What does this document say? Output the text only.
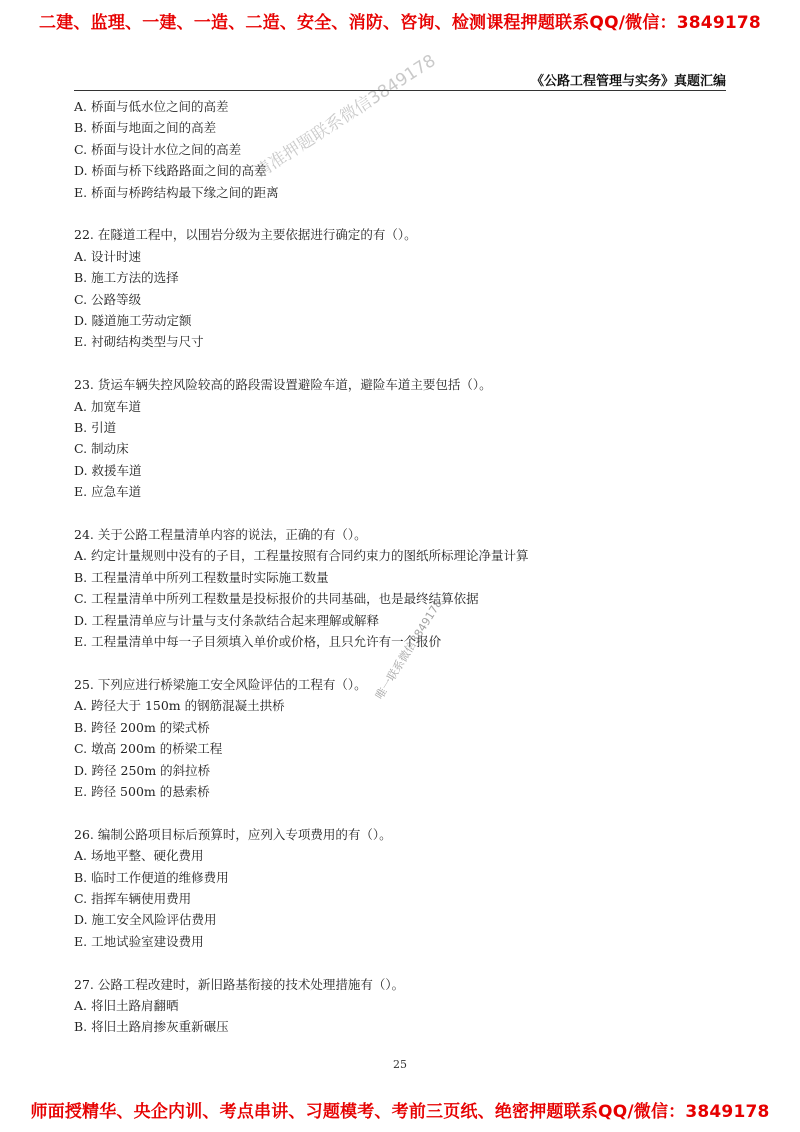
二建、监理、一建、一造、二造、安全、消防、咨询、检测课程押题联系QQ/微信：3849178
请准押题联系微信3849178	《公路工程管理与实务》真题汇编
A. 桥面与低水位之间的高差
B. 桥面与地面之间的高差
C. 桥面与设计水位之间的高差
D. 桥面与桥下线路路面之间的高差
E. 桥面与桥跨结构最下缘之间的距离
22. 在隧道工程中，以围岩分级为主要依据进行确定的有（）。
A. 设计时速
B. 施工方法的选择
C. 公路等级
D. 隧道施工劳动定额
E. 衬砌结构类型与尺寸
23. 货运车辆失控风险较高的路段需设置避险车道，避险车道主要包括（）。
A. 加宽车道
B. 引道
C. 制动床
D. 救援车道
E. 应急车道
24. 关于公路工程量清单内容的说法，正确的有（）。
A. 约定计量规则中没有的子目，工程量按照有合同约束力的图纸所标理论净量计算
B. 工程量清单中所列工程数量时实际施工数量
C. 工程量清单中所列工程数量是投标报价的共同基础，也是最终结算依据
D. 工程量清单应与计量与支付条款结合起来理解或解释
E. 工程量清单中每一子目须填入单价或价格，且只允许有一个报价
25. 下列应进行桥梁施工安全风险评估的工程有（）。
A. 跨径大于 150m 的钢筋混凝土拱桥
B. 跨径 200m 的梁式桥
C. 墩高 200m 的桥梁工程
D. 跨径 250m 的斜拉桥
E. 跨径 500m 的悬索桥
26. 编制公路项目标后预算时，应列入专项费用的有（）。
A. 场地平整、硬化费用
B. 临时工作便道的维修费用
C. 指挥车辆使用费用
D. 施工安全风险评估费用
E. 工地试验室建设费用
27. 公路工程改建时，新旧路基衔接的技术处理措施有（）。
A. 将旧土路肩翻晒
B. 将旧土路肩掺灰重新碾压
唯一联系微信3849178
25
师面授精华、央企内训、考点串讲、习题模考、考前三页纸、绝密押题联系QQ/微信：3849178
